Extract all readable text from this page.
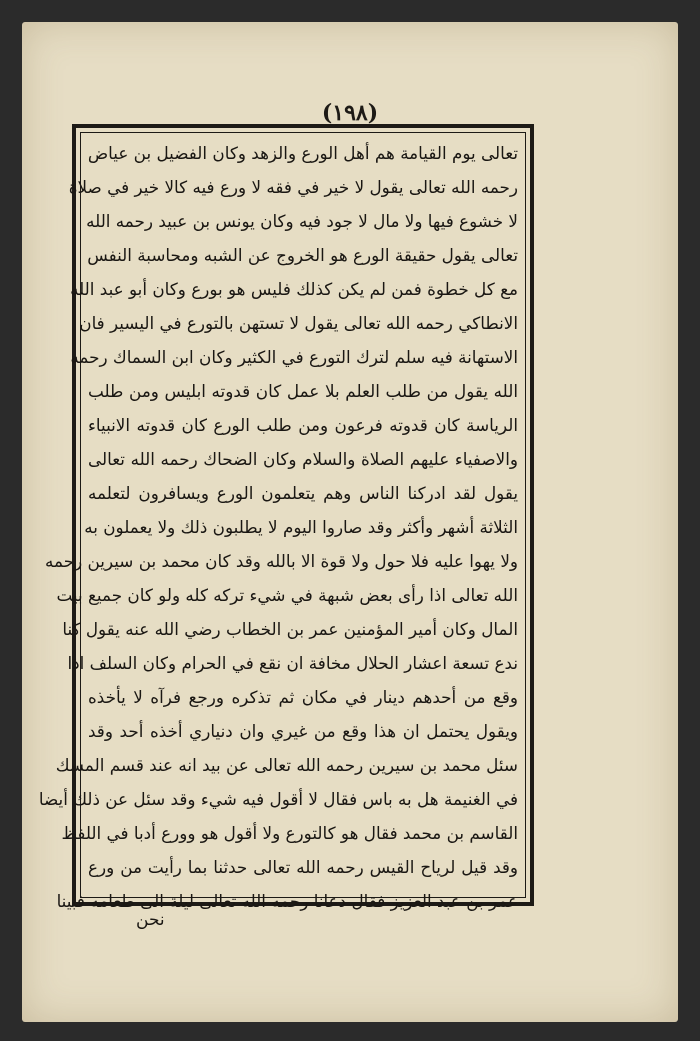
(١٩٨)
تعالى يوم القيامة هم أهل الورع والزهد وكان الفضيل بن عياض
رحمه الله تعالى يقول لا خير في فقه لا ورع فيه كالا خير في صلاة
لا خشوع فيها ولا مال لا جود فيه وكان يونس بن عبيد رحمه الله
تعالى يقول حقيقة الورع هو الخروج عن الشبه ومحاسبة النفس
مع كل خطوة فمن لم يكن كذلك فليس هو بورع وكان أبو عبد الله
الانطاكي رحمه الله تعالى يقول لا تستهن بالتورع في اليسير فان
الاستهانة فيه سلم لترك التورع في الكثير وكان ابن السماك رحمه
الله يقول من طلب العلم بلا عمل كان قدوته ابليس ومن طلب
الرياسة كان قدوته فرعون ومن طلب الورع كان قدوته الانبياء
والاصفياء عليهم الصلاة والسلام وكان الضحاك رحمه الله تعالى
يقول لقد ادركنا الناس وهم يتعلمون الورع ويسافرون لتعلمه
الثلاثة أشهر وأكثر وقد صاروا اليوم لا يطلبون ذلك ولا يعملون به
ولا يهوا عليه فلا حول ولا قوة الا بالله وقد كان محمد بن سيرين رحمه
الله تعالى اذا رأى بعض شبهة في شيء تركه كله ولو كان جميع بيت
المال وكان أمير المؤمنين عمر بن الخطاب رضي الله عنه يقول كنا
ندع تسعة اعشار الحلال مخافة ان نقع في الحرام وكان السلف اذا
وقع من أحدهم دينار في مكان ثم تذكره ورجع فرآه لا يأخذه
ويقول يحتمل ان هذا وقع من غيري وان دنياري أخذه أحد وقد
سئل محمد بن سيرين رحمه الله تعالى عن بيد انه عند قسم المسك
في الغنيمة هل به باس فقال لا أقول فيه شيء وقد سئل عن ذلك أيضا
القاسم بن محمد فقال هو كالتورع ولا أقول هو وورع أدبا في اللفظ
وقد قيل لرياح القيس رحمه الله تعالى حدثنا بما رأيت من ورع
عمر بن عبد العزيز فقال دعانا رحمه الله تعالى ليلة الى طعامه فبينا
نحن
